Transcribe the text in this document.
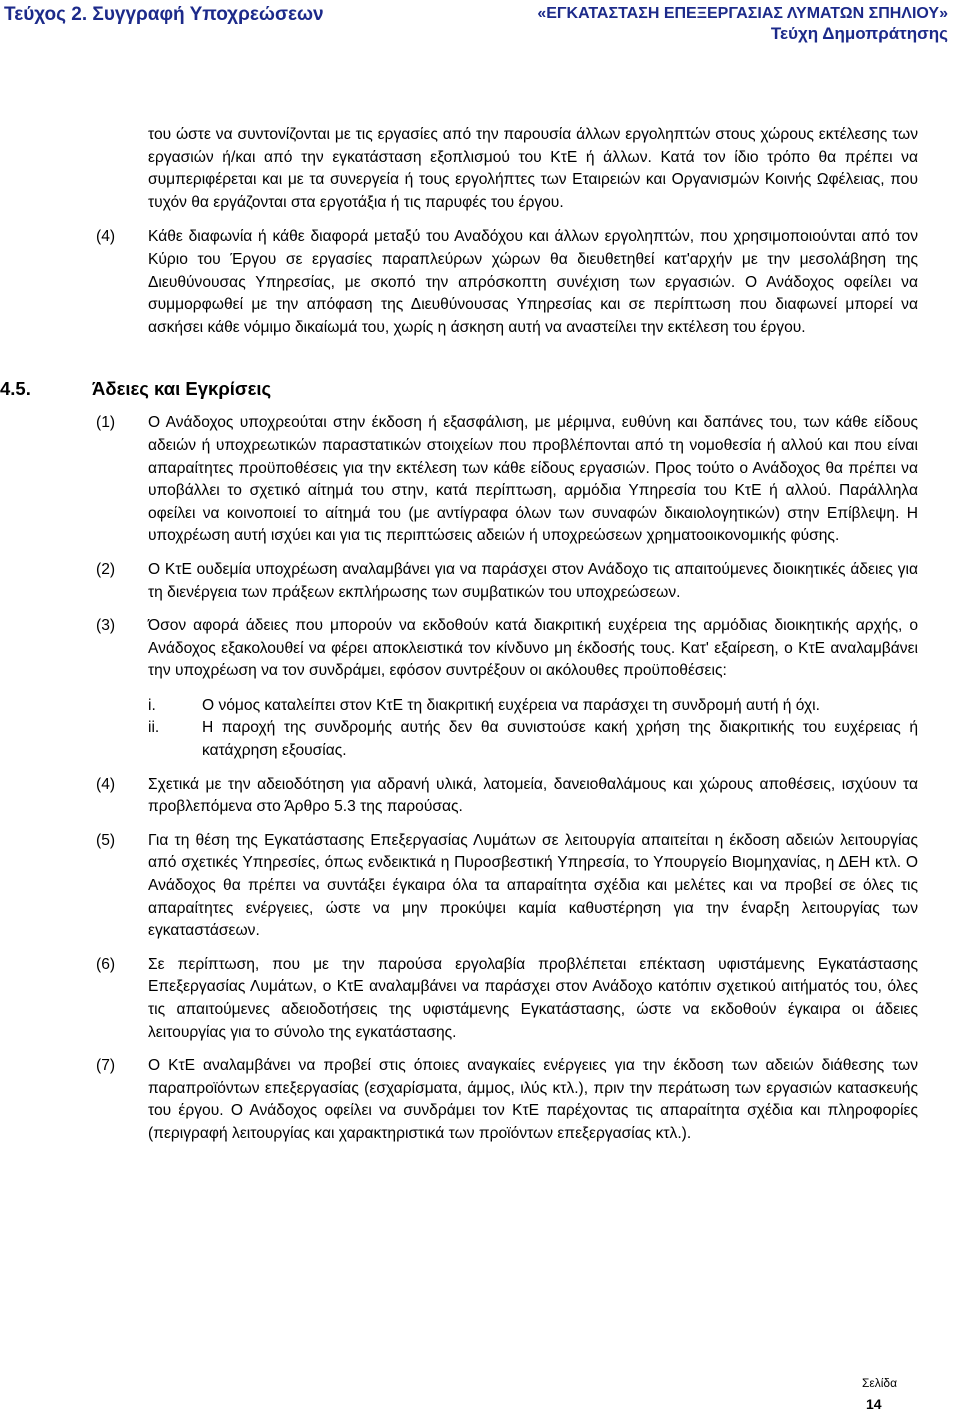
Τεύχος 2. Συγγραφή Υποχρεώσεων	«ΕΓΚΑΤΑΣΤΑΣΗ ΕΠΕΞΕΡΓΑΣΙΑΣ ΛΥΜΑΤΩΝ ΣΠΗΛΙΟΥ»
Τεύχη Δημοπράτησης

του ώστε να συντονίζονται με τις εργασίες από την παρουσία άλλων εργοληπτών στους χώρους εκτέλεσης των εργασιών ή/και από την εγκατάσταση εξοπλισμού του ΚτΕ ή άλλων. Κατά τον ίδιο τρόπο θα πρέπει να συμπεριφέρεται και με τα συνεργεία ή τους εργολήπτες των Εταιρειών και Οργανισμών Κοινής Ωφέλειας, που τυχόν θα εργάζονται στα εργοτάξια ή τις παρυφές του έργου.

(4) Κάθε διαφωνία ή κάθε διαφορά μεταξύ του Αναδόχου και άλλων εργοληπτών, που χρησιμοποιούνται από τον Κύριο του Έργου σε εργασίες παραπλεύρων χώρων θα διευθετηθεί κατ'αρχήν με την μεσολάβηση της Διευθύνουσας Υπηρεσίας, με σκοπό την απρόσκοπτη συνέχιση των εργασιών. Ο Ανάδοχος οφείλει να συμμορφωθεί με την απόφαση της Διευθύνουσας Υπηρεσίας και σε περίπτωση που διαφωνεί μπορεί να ασκήσει κάθε νόμιμο δικαίωμά του, χωρίς η άσκηση αυτή να αναστείλει την εκτέλεση του έργου.
4.5.	Άδειες και Εγκρίσεις
(1) Ο Ανάδοχος υποχρεούται στην έκδοση ή εξασφάλιση, με μέριμνα, ευθύνη και δαπάνες του, των κάθε είδους αδειών ή υποχρεωτικών παραστατικών στοιχείων που προβλέπονται από τη νομοθεσία ή αλλού και που είναι απαραίτητες προϋποθέσεις για την εκτέλεση των κάθε είδους εργασιών. Προς τούτο ο Ανάδοχος θα πρέπει να υποβάλλει το σχετικό αίτημά του στην, κατά περίπτωση, αρμόδια Υπηρεσία του ΚτΕ ή αλλού. Παράλληλα οφείλει να κοινοποιεί το αίτημά του (με αντίγραφα όλων των συναφών δικαιολογητικών) στην Επίβλεψη. Η υποχρέωση αυτή ισχύει και για τις περιπτώσεις αδειών ή υποχρεώσεων χρηματοοικονομικής φύσης.
(2) Ο ΚτΕ ουδεμία υποχρέωση αναλαμβάνει για να παράσχει στον Ανάδοχο τις απαιτούμενες διοικητικές άδειες για τη διενέργεια των πράξεων εκπλήρωσης των συμβατικών του υποχρεώσεων.
(3) Όσον αφορά άδειες που μπορούν να εκδοθούν κατά διακριτική ευχέρεια της αρμόδιας διοικητικής αρχής, ο Ανάδοχος εξακολουθεί να φέρει αποκλειστικά τον κίνδυνο μη έκδοσής τους. Κατ' εξαίρεση, ο ΚτΕ αναλαμβάνει την υποχρέωση να τον συνδράμει, εφόσον συντρέξουν οι ακόλουθες προϋποθέσεις:
i.	Ο νόμος καταλείπει στον ΚτΕ τη διακριτική ευχέρεια να παράσχει τη συνδρομή αυτή ή όχι.
ii.	Η παροχή της συνδρομής αυτής δεν θα συνιστούσε κακή χρήση της διακριτικής του ευχέρειας ή κατάχρηση εξουσίας.
(4) Σχετικά με την αδειοδότηση για αδρανή υλικά, λατομεία, δανειοθαλάμους και χώρους αποθέσεις, ισχύουν τα προβλεπόμενα στο Άρθρο 5.3 της παρούσας.
(5) Για τη θέση της Εγκατάστασης Επεξεργασίας Λυμάτων σε λειτουργία απαιτείται η έκδοση αδειών λειτουργίας από σχετικές Υπηρεσίες, όπως ενδεικτικά η Πυροσβεστική Υπηρεσία, το Υπουργείο Βιομηχανίας, η ΔΕΗ κτλ. Ο Ανάδοχος θα πρέπει να συντάξει έγκαιρα όλα τα απαραίτητα σχέδια και μελέτες και να προβεί σε όλες τις απαραίτητες ενέργειες, ώστε να μην προκύψει καμία καθυστέρηση για την έναρξη λειτουργίας των εγκαταστάσεων.
(6) Σε περίπτωση, που με την παρούσα εργολαβία προβλέπεται επέκταση υφιστάμενης Εγκατάστασης Επεξεργασίας Λυμάτων, ο ΚτΕ αναλαμβάνει να παράσχει στον Ανάδοχο κατόπιν σχετικού αιτήματός του, όλες τις απαιτούμενες αδειοδοτήσεις της υφιστάμενης Εγκατάστασης, ώστε να εκδοθούν έγκαιρα οι άδειες λειτουργίας για το σύνολο της εγκατάστασης.
(7) Ο ΚτΕ αναλαμβάνει να προβεί στις όποιες αναγκαίες ενέργειες για την έκδοση των αδειών διάθεσης των παραπροϊόντων επεξεργασίας (εσχαρίσματα, άμμος, ιλύς κτλ.), πριν την περάτωση των εργασιών κατασκευής του έργου. Ο Ανάδοχος οφείλει να συνδράμει τον ΚτΕ παρέχοντας τις απαραίτητα σχέδια και πληροφορίες (περιγραφή λειτουργίας και χαρακτηριστικά των προϊόντων επεξεργασίας κτλ.).
Σελίδα
14
